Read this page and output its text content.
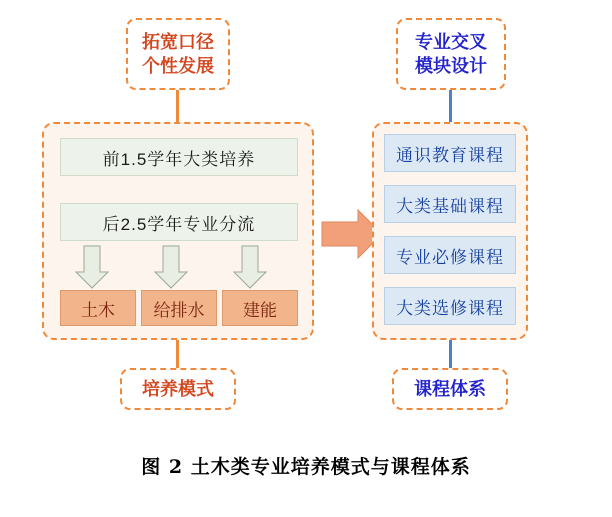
拓宽口径
个性发展
专业交叉
模块设计
前1.5学年大类培养
后2.5学年专业分流
土木 给排水 建能
通识教育课程
大类基础课程
专业必修课程
大类选修课程
培养模式	课程体系
图 2 土木类专业培养模式与课程体系
